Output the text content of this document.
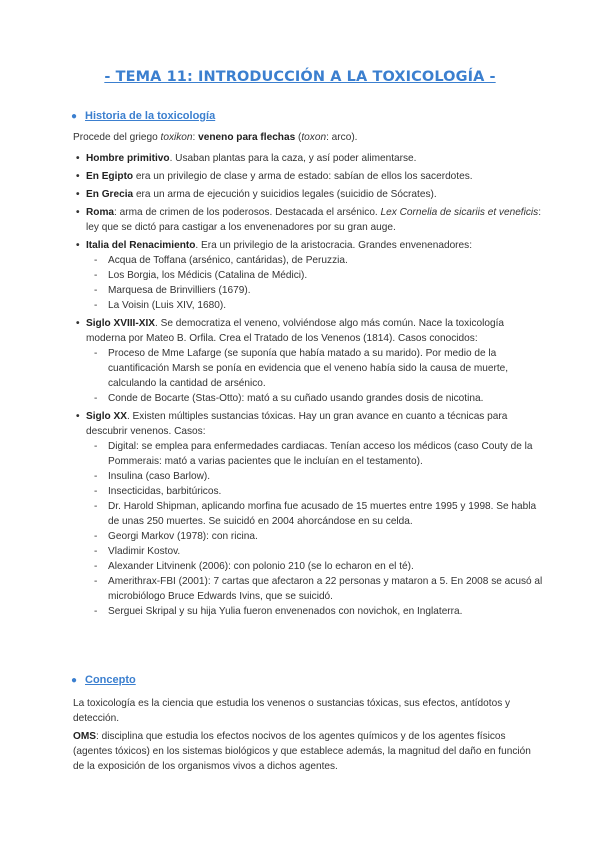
- TEMA 11: INTRODUCCIÓN A LA TOXICOLOGÍA -
● Historia de la toxicología

Procede del griego toxikon: veneno para flechas (toxon: arco).

• Hombre primitivo. Usaban plantas para la caza, y así poder alimentarse.
• En Egipto era un privilegio de clase y arma de estado: sabían de ellos los sacerdotes.
• En Grecia era un arma de ejecución y suicidios legales (suicidio de Sócrates).
• Roma: arma de crimen de los poderosos. Destacada el arsénico. Lex Cornelia de sicariis et veneficis: ley que se dictó para castigar a los envenenadores por su gran auge.
• Italia del Renacimiento. Era un privilegio de la aristocracia. Grandes envenenadores:
- Acqua de Toffana (arsénico, cantáridas), de Peruzzia.
- Los Borgia, los Médicis (Catalina de Médici).
- Marquesa de Brinvilliers (1679).
- La Voisin (Luis XIV, 1680).
• Siglo XVIII-XIX. Se democratiza el veneno, volviéndose algo más común. Nace la toxicología moderna por Mateo B. Orfila. Crea el Tratado de los Venenos (1814). Casos conocidos:
- Proceso de Mme Lafarge (se suponía que había matado a su marido). Por medio de la cuantificación Marsh se ponía en evidencia que el veneno había sido la causa de muerte, calculando la cantidad de arsénico.
- Conde de Bocarte (Stas-Otto): mató a su cuñado usando grandes dosis de nicotina.
• Siglo XX. Existen múltiples sustancias tóxicas. Hay un gran avance en cuanto a técnicas para descubrir venenos. Casos:
- Digital: se emplea para enfermedades cardiacas. Tenían acceso los médicos (caso Couty de la Pommerais: mató a varias pacientes que le incluían en el testamento).
- Insulina (caso Barlow).
- Insecticidas, barbitúricos.
- Dr. Harold Shipman, aplicando morfina fue acusado de 15 muertes entre 1995 y 1998. Se habla de unas 250 muertes. Se suicidó en 2004 ahorcándose en su celda.
- Georgi Markov (1978): con ricina.
- Vladimir Kostov.
- Alexander Litvinenk (2006): con polonio 210 (se lo echaron en el té).
- Amerithrax-FBI (2001): 7 cartas que afectaron a 22 personas y mataron a 5. En 2008 se acusó al microbiólogo Bruce Edwards Ivins, que se suicidó.
- Serguei Skripal y su hija Yulia fueron envenenados con novichok, en Inglaterra.
● Concepto

La toxicología es la ciencia que estudia los venenos o sustancias tóxicas, sus efectos, antídotos y detección.

OMS: disciplina que estudia los efectos nocivos de los agentes químicos y de los agentes físicos (agentes tóxicos) en los sistemas biológicos y que establece además, la magnitud del daño en función de la exposición de los organismos vivos a dichos agentes.
